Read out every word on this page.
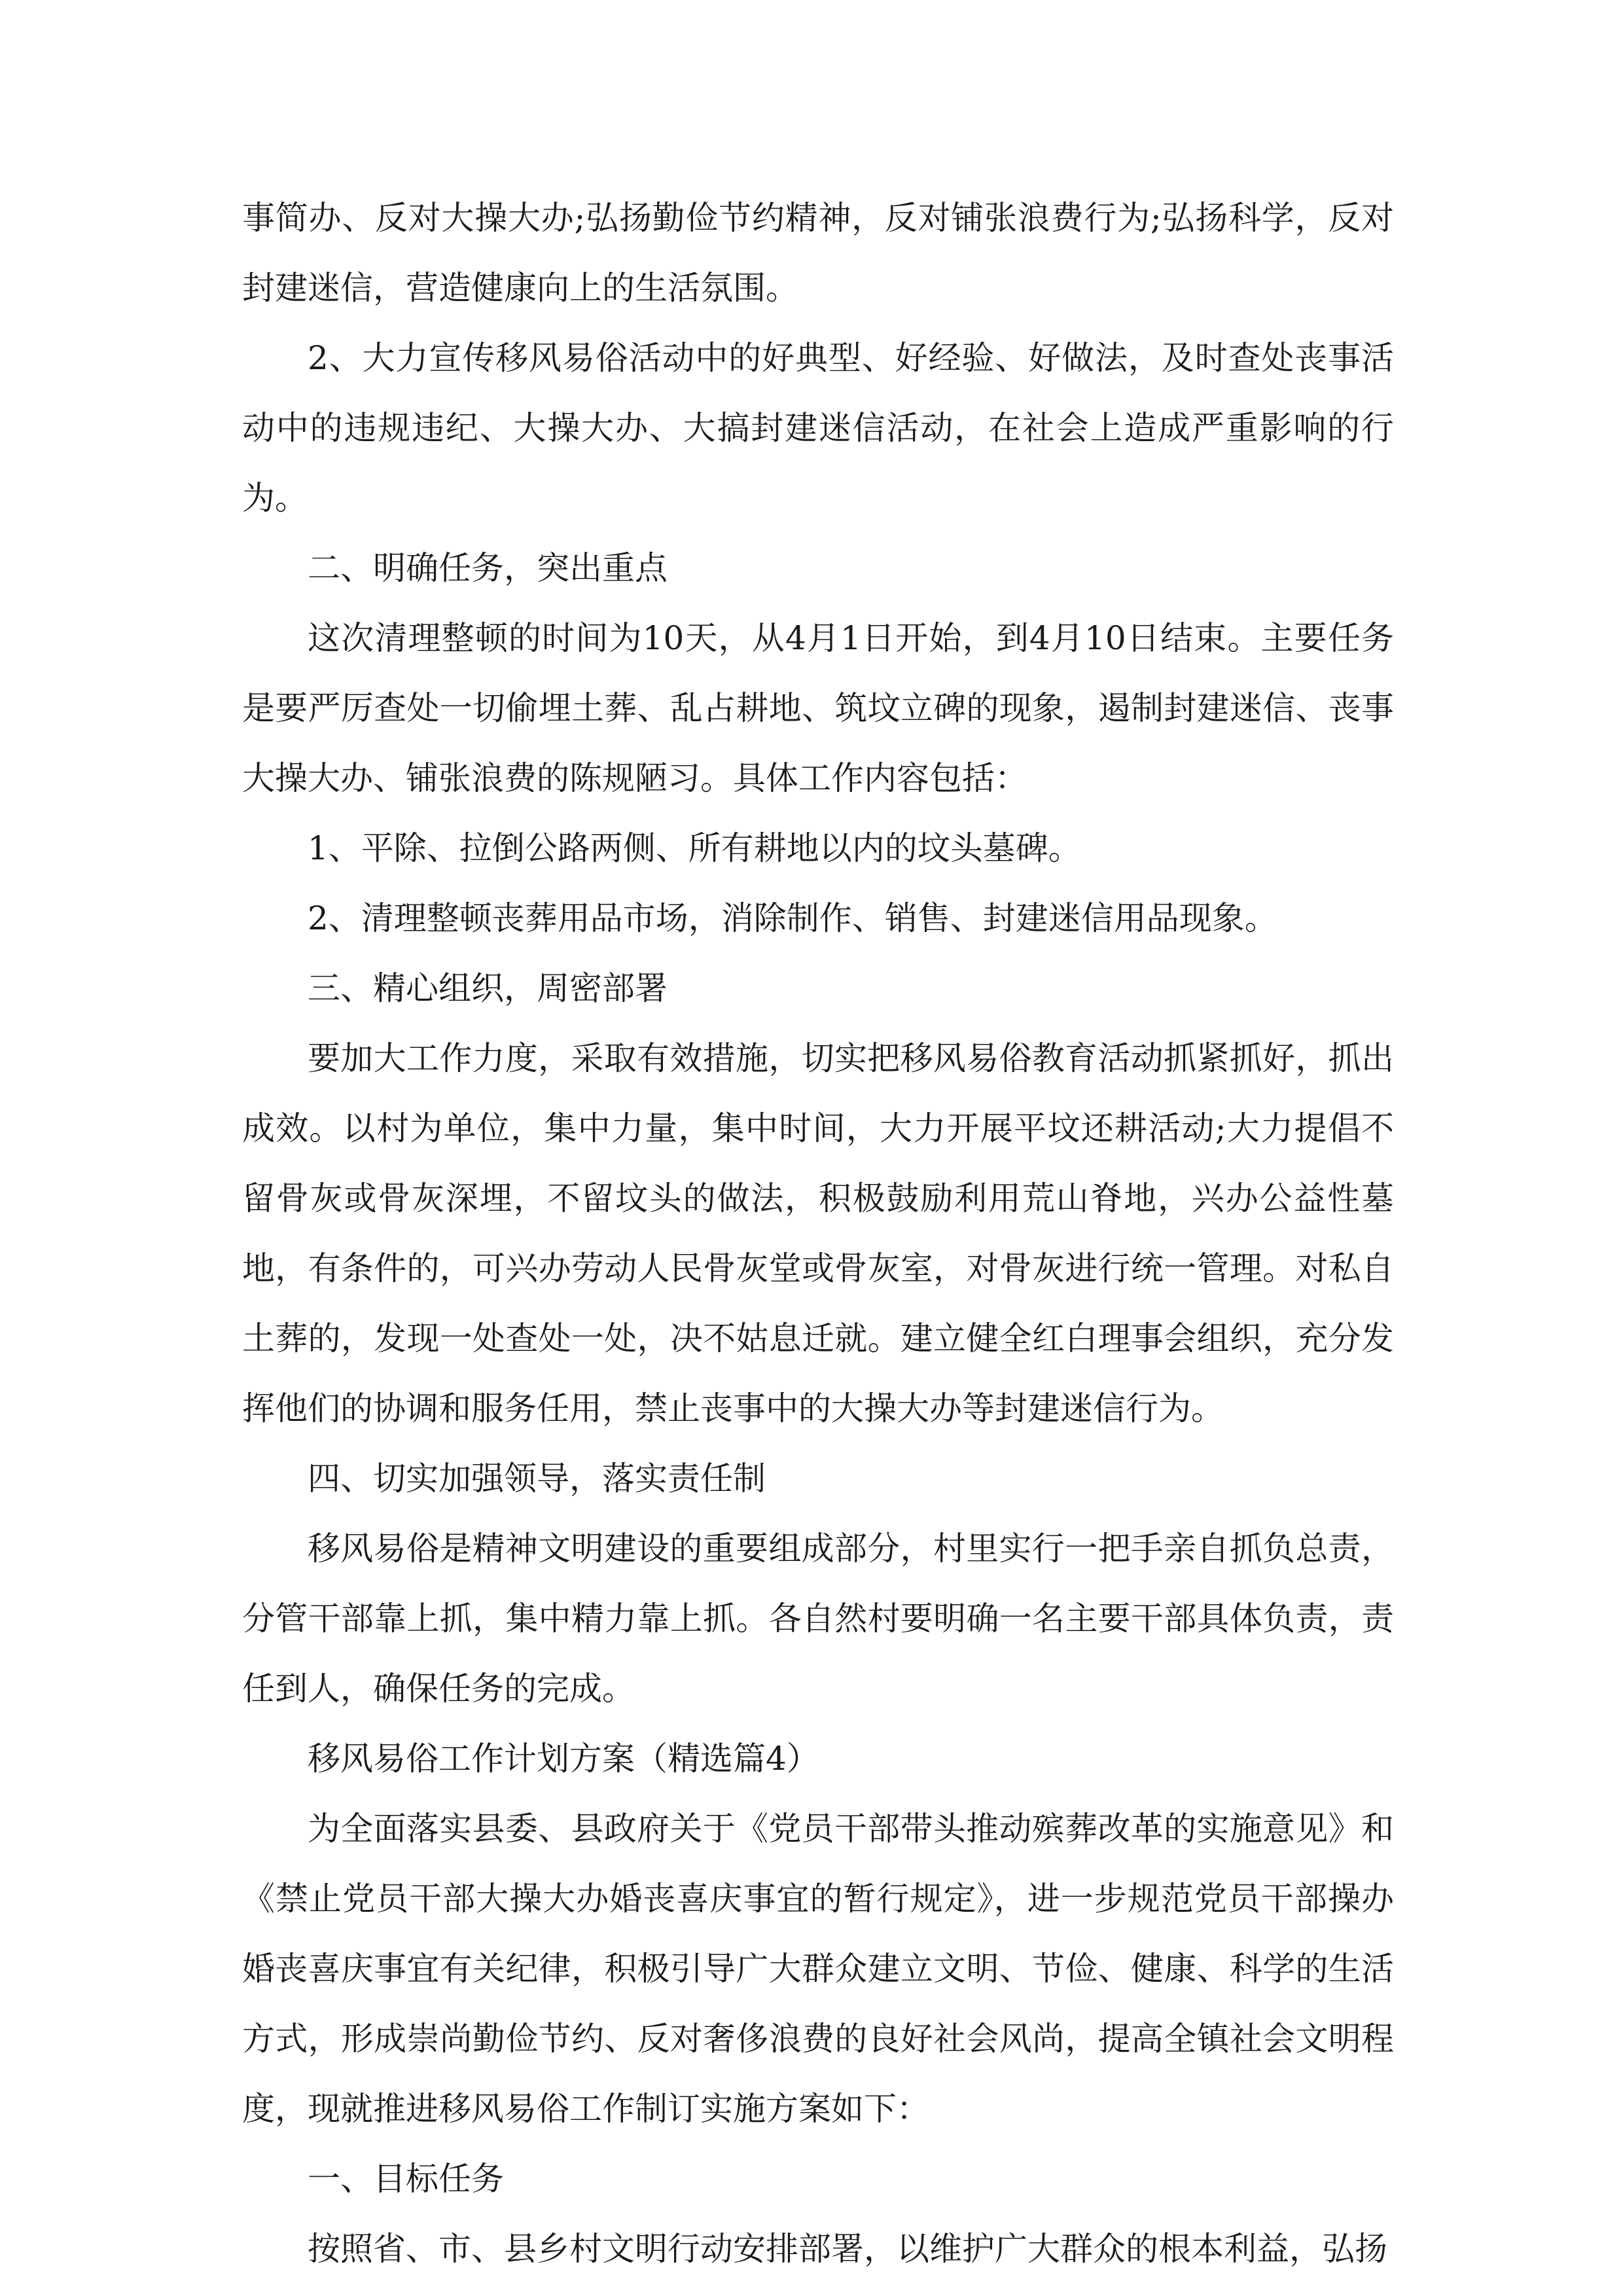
事简办、反对大操大办;弘扬勤俭节约精神，反对铺张浪费行为;弘扬科学，反对封建迷信，营造健康向上的生活氛围。

2、大力宣传移风易俗活动中的好典型、好经验、好做法，及时查处丧事活动中的违规违纪、大操大办、大搞封建迷信活动，在社会上造成严重影响的行为。

二、明确任务，突出重点

这次清理整顿的时间为10天，从4月1日开始，到4月10日结束。主要任务是要严厉查处一切偷埋土葬、乱占耕地、筑坟立碑的现象，遏制封建迷信、丧事大操大办、铺张浪费的陈规陋习。具体工作内容包括：

1、平除、拉倒公路两侧、所有耕地以内的坟头墓碑。

2、清理整顿丧葬用品市场，消除制作、销售、封建迷信用品现象。

三、精心组织，周密部署

要加大工作力度，采取有效措施，切实把移风易俗教育活动抓紧抓好，抓出成效。以村为单位，集中力量，集中时间，大力开展平坟还耕活动;大力提倡不留骨灰或骨灰深埋，不留坟头的做法，积极鼓励利用荒山脊地，兴办公益性墓地，有条件的，可兴办劳动人民骨灰堂或骨灰室，对骨灰进行统一管理。对私自土葬的，发现一处查处一处，决不姑息迁就。建立健全红白理事会组织，充分发挥他们的协调和服务任用，禁止丧事中的大操大办等封建迷信行为。

四、切实加强领导，落实责任制

移风易俗是精神文明建设的重要组成部分，村里实行一把手亲自抓负总责，分管干部靠上抓，集中精力靠上抓。各自然村要明确一名主要干部具体负责，责任到人，确保任务的完成。

移风易俗工作计划方案（精选篇4）

为全面落实县委、县政府关于《党员干部带头推动殡葬改革的实施意见》和《禁止党员干部大操大办婚丧喜庆事宜的暂行规定》，进一步规范党员干部操办婚丧喜庆事宜有关纪律，积极引导广大群众建立文明、节俭、健康、科学的生活方式，形成崇尚勤俭节约、反对奢侈浪费的良好社会风尚，提高全镇社会文明程度，现就推进移风易俗工作制订实施方案如下：

一、目标任务

按照省、市、县乡村文明行动安排部署，以维护广大群众的根本利益，弘扬
